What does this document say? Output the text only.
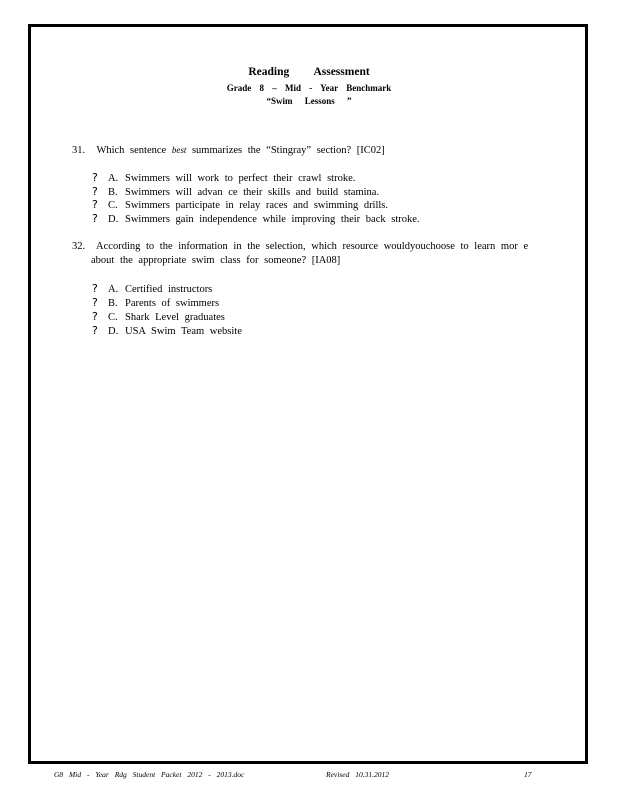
Reading Assessment
Grade 8 – Mid - Year Benchmark
“Swim Lessons ”
31. Which sentence best summarizes the “Stingray” section? [IC02]
? A. Swimmers will work to perfect their crawl stroke.
? B. Swimmers will advan ce their skills and build stamina.
? C. Swimmers participate in relay races and swimming drills.
? D. Swimmers gain independence while improving their back stroke.
32. According to the information in the selection, which resource wouldyouchoose to learn mor e
about the appropriate swim class for someone? [IA08]
? A. Certified instructors
? B. Parents of swimmers
? C. Shark Level graduates
? D. USA Swim Team website
G8 Mid - Year Rdg Student Packet 2012 - 2013.doc	Revised 10.31.2012	17
